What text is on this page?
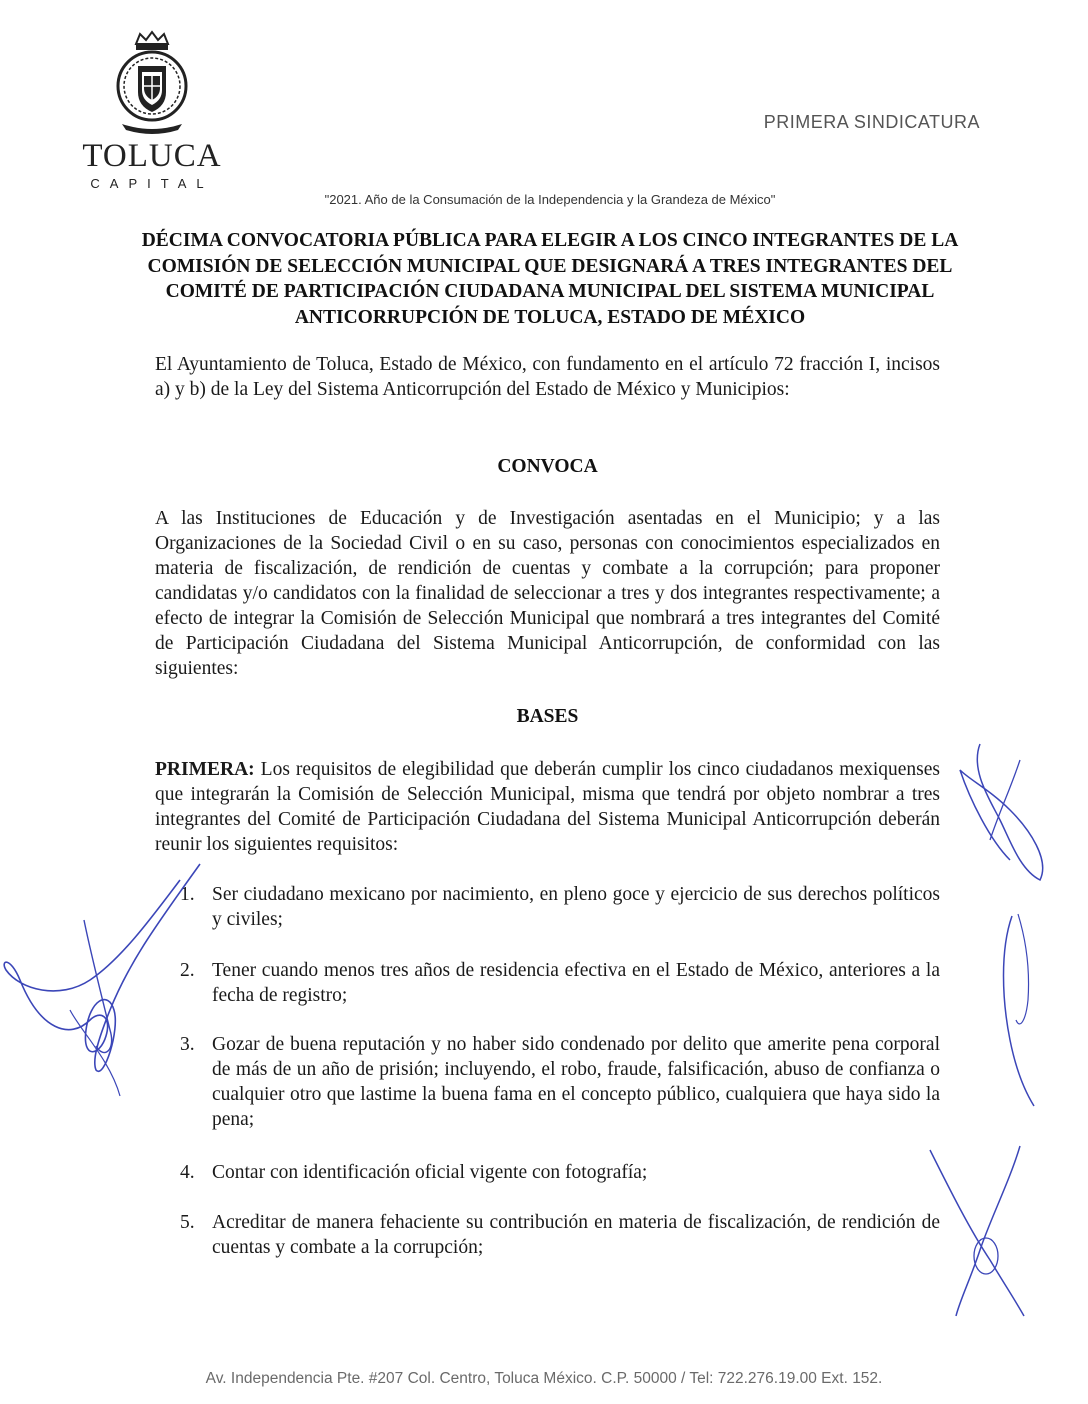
TOLUCA
CAPITAL
PRIMERA SINDICATURA
"2021. Año de la Consumación de la Independencia y la Grandeza de México"
DÉCIMA CONVOCATORIA PÚBLICA PARA ELEGIR A LOS CINCO INTEGRANTES DE LA COMISIÓN DE SELECCIÓN MUNICIPAL QUE DESIGNARÁ A TRES INTEGRANTES DEL COMITÉ DE PARTICIPACIÓN CIUDADANA MUNICIPAL DEL SISTEMA MUNICIPAL ANTICORRUPCIÓN DE TOLUCA, ESTADO DE MÉXICO
El Ayuntamiento de Toluca, Estado de México, con fundamento en el artículo 72 fracción I, incisos a) y b) de la Ley del Sistema Anticorrupción del Estado de México y Municipios:
CONVOCA
A las Instituciones de Educación y de Investigación asentadas en el Municipio; y a las Organizaciones de la Sociedad Civil o en su caso, personas con conocimientos especializados en materia de fiscalización, de rendición de cuentas y combate a la corrupción; para proponer candidatas y/o candidatos con la finalidad de seleccionar a tres y dos integrantes respectivamente; a efecto de integrar la Comisión de Selección Municipal que nombrará a tres integrantes del Comité de Participación Ciudadana del Sistema Municipal Anticorrupción, de conformidad con las siguientes:
BASES
PRIMERA: Los requisitos de elegibilidad que deberán cumplir los cinco ciudadanos mexiquenses que integrarán la Comisión de Selección Municipal, misma que tendrá por objeto nombrar a tres integrantes del Comité de Participación Ciudadana del Sistema Municipal Anticorrupción deberán reunir los siguientes requisitos:
1. Ser ciudadano mexicano por nacimiento, en pleno goce y ejercicio de sus derechos políticos y civiles;
2. Tener cuando menos tres años de residencia efectiva en el Estado de México, anteriores a la fecha de registro;
3. Gozar de buena reputación y no haber sido condenado por delito que amerite pena corporal de más de un año de prisión; incluyendo, el robo, fraude, falsificación, abuso de confianza o cualquier otro que lastime la buena fama en el concepto público, cualquiera que haya sido la pena;
4. Contar con identificación oficial vigente con fotografía;
5. Acreditar de manera fehaciente su contribución en materia de fiscalización, de rendición de cuentas y combate a la corrupción;
Av. Independencia Pte. #207 Col. Centro, Toluca México. C.P. 50000 / Tel: 722.276.19.00 Ext. 152.
